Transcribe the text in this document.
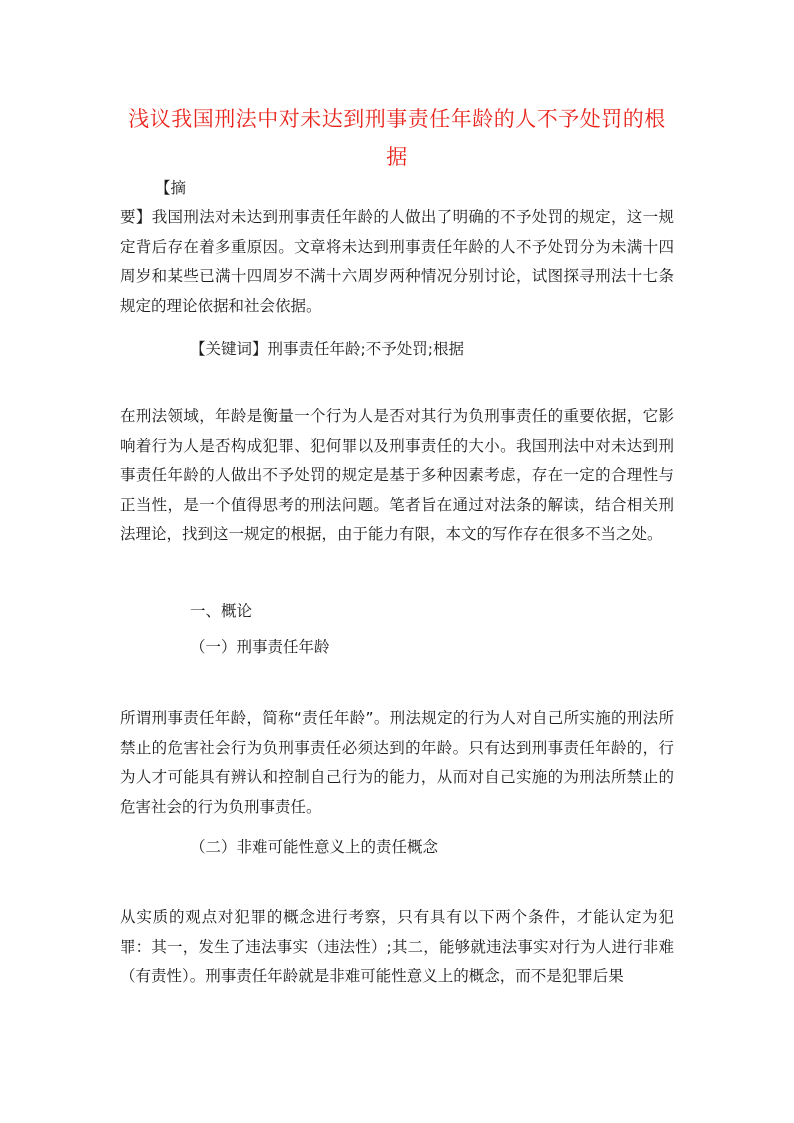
浅议我国刑法中对未达到刑事责任年龄的人不予处罚的根据
【摘
要】我国刑法对未达到刑事责任年龄的人做出了明确的不予处罚的规定，这一规定背后存在着多重原因。文章将未达到刑事责任年龄的人不予处罚分为未满十四周岁和某些已满十四周岁不满十六周岁两种情况分别讨论，试图探寻刑法十七条规定的理论依据和社会依据。
【关键词】刑事责任年龄;不予处罚;根据
在刑法领域，年龄是衡量一个行为人是否对其行为负刑事责任的重要依据，它影响着行为人是否构成犯罪、犯何罪以及刑事责任的大小。我国刑法中对未达到刑事责任年龄的人做出不予处罚的规定是基于多种因素考虑，存在一定的合理性与正当性，是一个值得思考的刑法问题。笔者旨在通过对法条的解读，结合相关刑法理论，找到这一规定的根据，由于能力有限，本文的写作存在很多不当之处。
一、概论
（一）刑事责任年龄
所谓刑事责任年龄，简称“责任年龄”。刑法规定的行为人对自己所实施的刑法所禁止的危害社会行为负刑事责任必须达到的年龄。只有达到刑事责任年龄的，行为人才可能具有辨认和控制自己行为的能力，从而对自己实施的为刑法所禁止的危害社会的行为负刑事责任。
（二）非难可能性意义上的责任概念
从实质的观点对犯罪的概念进行考察，只有具有以下两个条件，才能认定为犯罪：其一，发生了违法事实（违法性）;其二，能够就违法事实对行为人进行非难（有责性）。刑事责任年龄就是非难可能性意义上的概念，而不是犯罪后果
